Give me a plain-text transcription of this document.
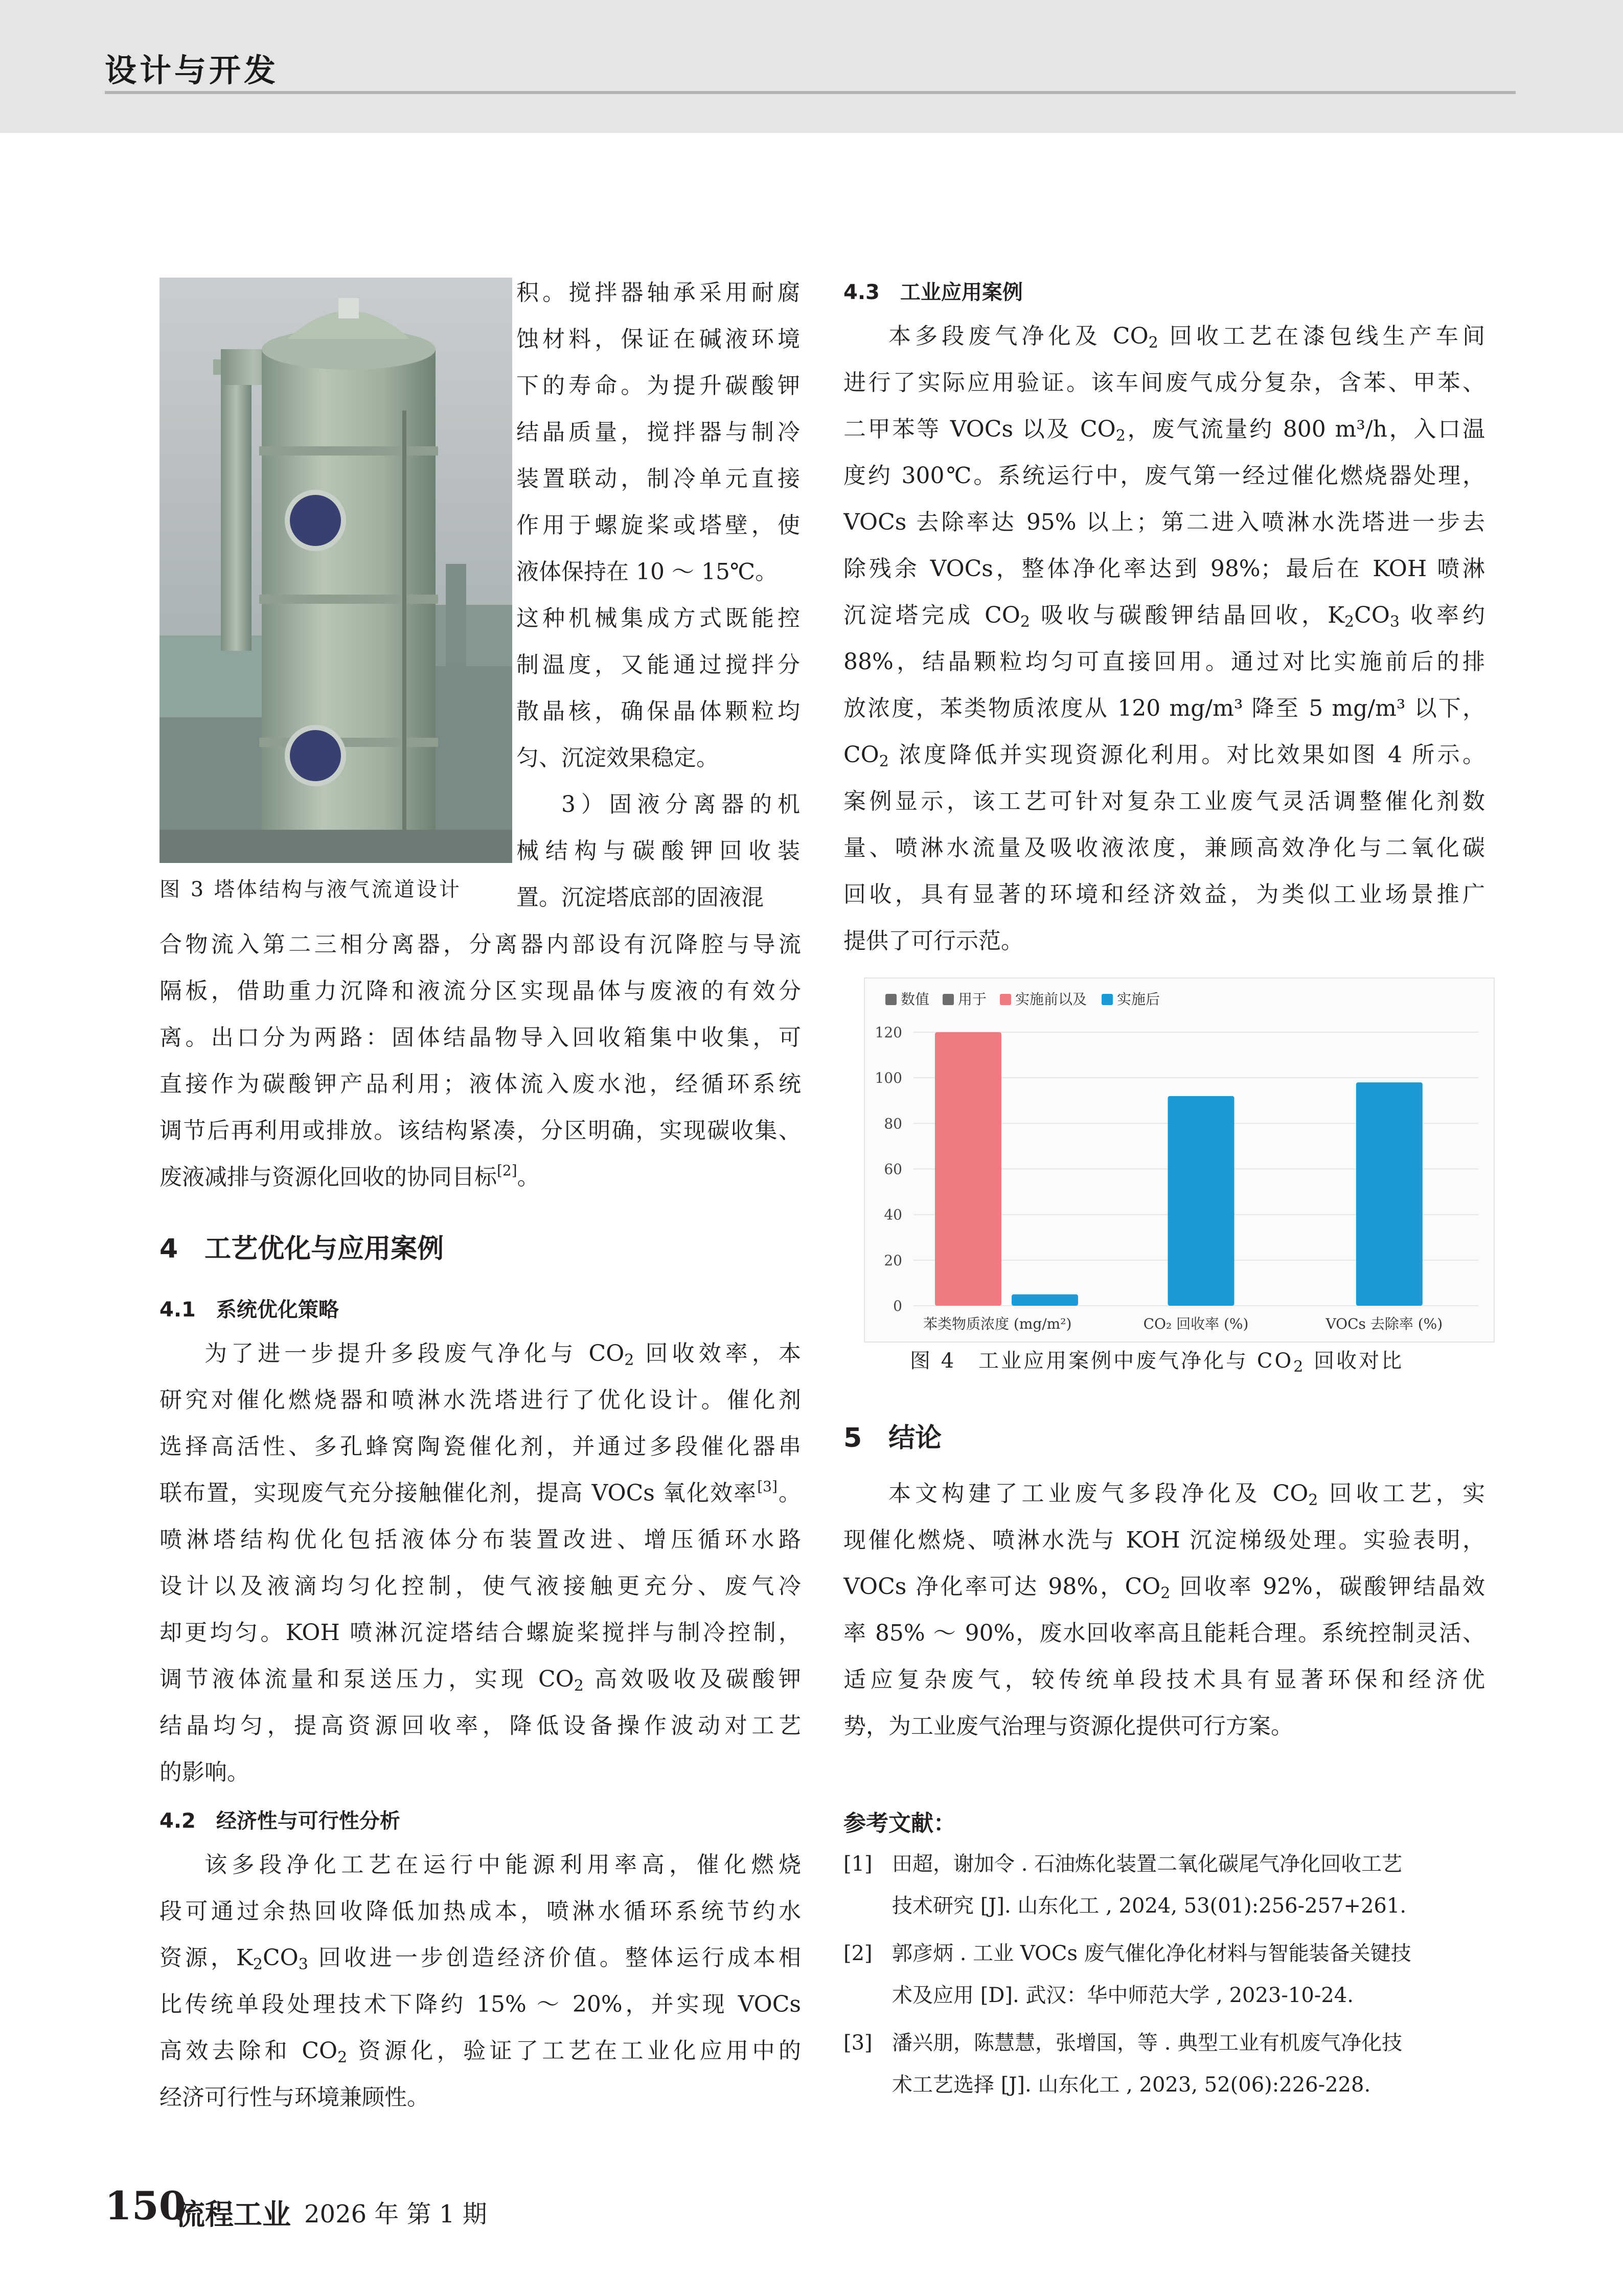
设计与开发
图 3 塔体结构与液气流道设计
积。搅拌器轴承采用耐腐
蚀材料，保证在碱液环境
下的寿命。为提升碳酸钾
结晶质量，搅拌器与制冷
装置联动，制冷单元直接
作用于螺旋桨或塔壁，使
液体保持在 10 ～ 15℃。
这种机械集成方式既能控
制温度，又能通过搅拌分
散晶核，确保晶体颗粒均
匀、沉淀效果稳定。
3）固液分离器的机
械结构与碳酸钾回收装
置。沉淀塔底部的固液混
合物流入第二三相分离器，分离器内部设有沉降腔与导流
隔板，借助重力沉降和液流分区实现晶体与废液的有效分
离。出口分为两路：固体结晶物导入回收箱集中收集，可
直接作为碳酸钾产品利用；液体流入废水池，经循环系统
调节后再利用或排放。该结构紧凑，分区明确，实现碳收集、
废液减排与资源化回收的协同目标[2]。
4　工艺优化与应用案例
4.1　系统优化策略
为了进一步提升多段废气净化与 $CO_2$ 回收效率，本
研究对催化燃烧器和喷淋水洗塔进行了优化设计。催化剂
选择高活性、多孔蜂窝陶瓷催化剂，并通过多段催化器串
联布置，实现废气充分接触催化剂，提高 VOCs 氧化效率[3]。
喷淋塔结构优化包括液体分布装置改进、增压循环水路
设计以及液滴均匀化控制，使气液接触更充分、废气冷
却更均匀。KOH 喷淋沉淀塔结合螺旋桨搅拌与制冷控制，
调节液体流量和泵送压力，实现 $CO_2$ 高效吸收及碳酸钾
结晶均匀，提高资源回收率，降低设备操作波动对工艺
的影响。
4.2　经济性与可行性分析
该多段净化工艺在运行中能源利用率高，催化燃烧
段可通过余热回收降低加热成本，喷淋水循环系统节约水
资源，$K_2CO_3$ 回收进一步创造经济价值。整体运行成本相
比传统单段处理技术下降约 15% ～ 20%，并实现 VOCs
高效去除和 $CO_2$ 资源化，验证了工艺在工业化应用中的
经济可行性与环境兼顾性。
4.3　工业应用案例
本多段废气净化及 $CO_2$ 回收工艺在漆包线生产车间
进行了实际应用验证。该车间废气成分复杂，含苯、甲苯、
二甲苯等 VOCs 以及 $CO_2$，废气流量约 800 m³/h，入口温
度约 300℃。系统运行中，废气第一经过催化燃烧器处理，
VOCs 去除率达 95% 以上；第二进入喷淋水洗塔进一步去
除残余 VOCs，整体净化率达到 98%；最后在 KOH 喷淋
沉淀塔完成 $CO_2$ 吸收与碳酸钾结晶回收，$K_2CO_3$ 收率约
88%，结晶颗粒均匀可直接回用。通过对比实施前后的排
放浓度，苯类物质浓度从 120 mg/m³ 降至 5 mg/m³ 以下，
$CO_2$ 浓度降低并实现资源化利用。对比效果如图 4 所示。
案例显示，该工艺可针对复杂工业废气灵活调整催化剂数
量、喷淋水流量及吸收液浓度，兼顾高效净化与二氧化碳
回收，具有显著的环境和经济效益，为类似工业场景推广
提供了可行示范。
0
20
40
60
80
100
120
数值 用于 实施前以及 实施后
苯类物质浓度 (mg/m²)	CO₂ 回收率 (%)	VOCs 去除率 (%)
图 4　工业应用案例中废气净化与 $CO_2$ 回收对比
5　结论
本文构建了工业废气多段净化及 $CO_2$ 回收工艺，实
现催化燃烧、喷淋水洗与 KOH 沉淀梯级处理。实验表明，
VOCs 净化率可达 98%，$CO_2$ 回收率 92%，碳酸钾结晶效
率 85% ～ 90%，废水回收率高且能耗合理。系统控制灵活、
适应复杂废气，较传统单段技术具有显著环保和经济优
势，为工业废气治理与资源化提供可行方案。
参考文献：
[1] 田超，谢加令 . 石油炼化装置二氧化碳尾气净化回收工艺
技术研究 [J]. 山东化工 , 2024, 53(01):256-257+261.
[2] 郭彦炳 . 工业 VOCs 废气催化净化材料与智能装备关键技
术及应用 [D]. 武汉：华中师范大学 , 2023-10-24.
[3] 潘兴朋，陈慧慧，张增国，等 . 典型工业有机废气净化技
术工艺选择 [J]. 山东化工 , 2023, 52(06):226-228.
150
流程工业 2026 年 第 1 期
